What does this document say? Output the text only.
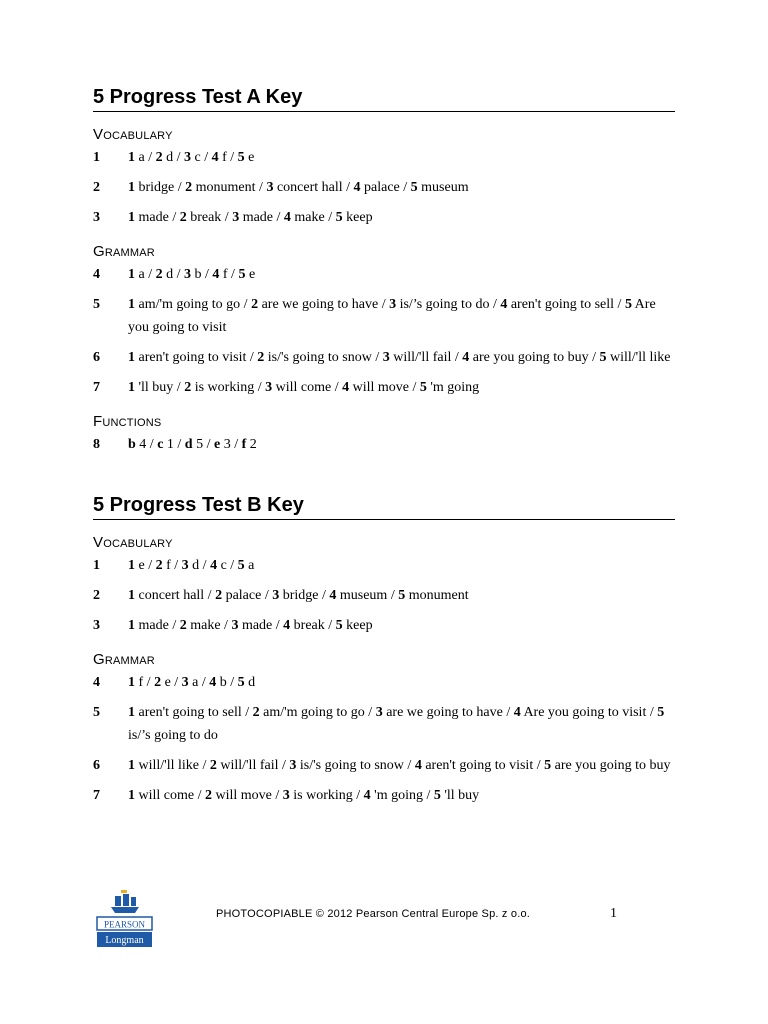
5 Progress Test A Key
Vocabulary
1	1 a / 2 d / 3 c / 4 f / 5 e
2	1 bridge / 2 monument / 3 concert hall / 4 palace / 5 museum
3	1 made / 2 break / 3 made / 4 make / 5 keep
Grammar
4	1 a / 2 d / 3 b / 4 f / 5 e
5	1 am/'m going to go / 2 are we going to have / 3 is/’s going to do / 4 aren't going to sell / 5 Are you going to visit
6	1 aren't going to visit / 2 is/'s going to snow / 3 will/'ll fail / 4 are you going to buy / 5 will/'ll like
7	1 'll buy / 2 is working / 3 will come / 4 will move / 5 'm going
Functions
8	b 4 / c 1 / d 5 / e 3 / f 2
5 Progress Test B Key
Vocabulary
1	1 e / 2 f / 3 d / 4 c / 5 a
2	1 concert hall / 2 palace / 3 bridge / 4 museum / 5 monument
3	1 made / 2 make / 3 made / 4 break / 5 keep
Grammar
4	1 f / 2 e / 3 a / 4 b / 5 d
5	1 aren't going to sell / 2 am/'m going to go / 3 are we going to have / 4 Are you going to visit / 5 is/’s going to do
6	1 will/'ll like / 2 will/'ll fail / 3 is/'s going to snow / 4 aren't going to visit / 5 are you going to buy
7	1 will come / 2 will move / 3 is working / 4 'm going / 5 'll buy
PEARSON
Longman
PHOTOCOPIABLE © 2012 Pearson Central Europe Sp. z o.o.	1
